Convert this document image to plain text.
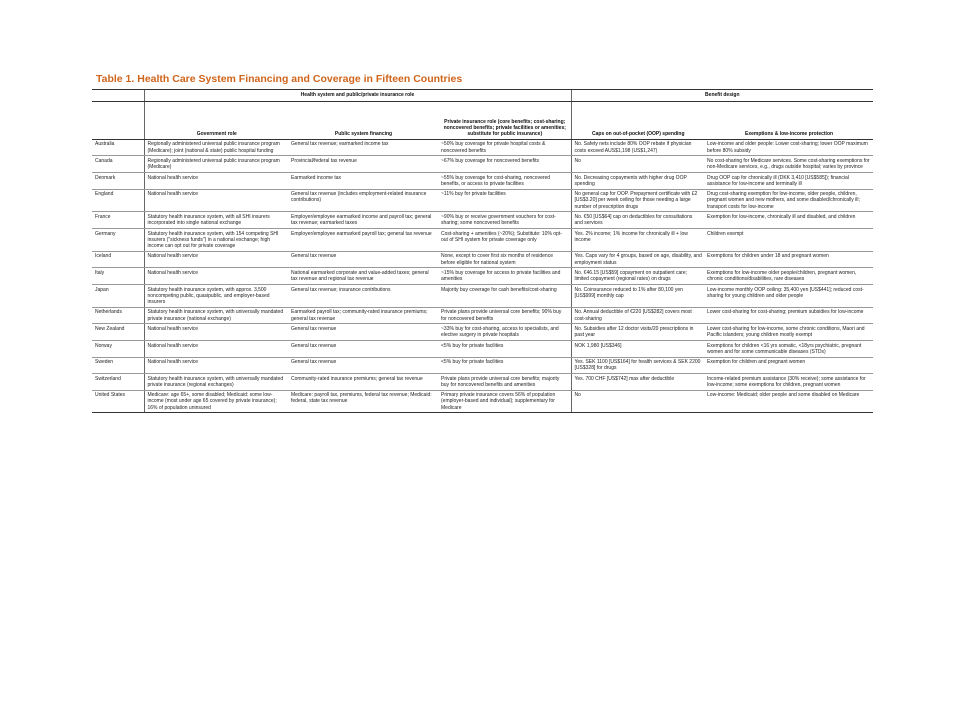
Table 1. Health Care System Financing and Coverage in Fifteen Countries
	Health system and public/private insurance role			Benefit design	
	Government role	Public system financing	Private insurance role (core benefits; cost-sharing; noncovered benefits; private facilities or amenities; substitute for public insurance)	Caps on out-of-pocket (OOP) spending	Exemptions & low-income protection
Australia	Regionally administered universal public insurance program (Medicare); joint (national & state) public hospital funding	General tax revenue; earmarked income tax	~50% buy coverage for private hospital costs & noncovered benefits	No. Safety nets include 80% OOP rebate if physician costs exceed AUS$1,198 (US$1,247)	Low-income and older people: Lower cost-sharing; lower OOP maximum before 80% subsidy
Canada	Regionally administered universal public insurance program (Medicare)	Provincial/federal tax revenue	~67% buy coverage for noncovered benefits	No	No cost-sharing for Medicare services. Some cost-sharing exemptions for non-Medicare services, e.g., drugs outside hospital; varies by province
Denmark	National health service	Earmarked income tax	~55% buy coverage for cost-sharing, noncovered benefits, or access to private facilities	No. Decreasing copayments with higher drug OOP spending	Drug OOP cap for chronically ill (DKK 3,410 [US$585]); financial assistance for low-income and terminally ill
England	National health service	General tax revenue (includes employment-related insurance contributions)	~11% buy for private facilities	No general cap for OOP. Prepayment certificate with £2 [US$3.20] per week ceiling for those needing a large number of prescription drugs	Drug cost-sharing exemption for low-income, older people, children, pregnant women and new mothers, and some disabled/chronically ill; transport costs for low-income
France	Statutory health insurance system, with all SHI insurers incorporated into single national exchange	Employer/employee earmarked income and payroll tax; general tax revenue; earmarked taxes	~90% buy or receive government vouchers for cost-sharing; some noncovered benefits	No. €50 [US$64] cap on deductibles for consultations and services	Exemption for low-income, chronically ill and disabled, and children
Germany	Statutory health insurance system, with 154 competing SHI insurers ("sickness funds") in a national exchange; high income can opt out for private coverage	Employer/employee earmarked payroll tax; general tax revenue	Cost-sharing + amenities (~20%); Substitute: 10% opt-out of SHI system for private coverage only	Yes. 2% income; 1% income for chronically ill + low income	Children exempt
Iceland	National health service	General tax revenue	None, except to cover first six months of residence before eligible for national system	Yes. Caps vary for 4 groups, based on age, disability, and employment status	Exemptions for children under 18 and pregnant women
Italy	National health service	National earmarked corporate and value-added taxes; general tax revenue and regional tax revenue	~15% buy coverage for access to private facilities and amenities	No. €46.15 [US$59] copayment on outpatient care; limited copayment (regional rates) on drugs	Exemptions for low-income older people/children, pregnant women, chronic conditions/disabilities, rare diseases
Japan	Statutory health insurance system, with approx. 3,500 noncompeting public, quasipublic, and employer-based insurers	General tax revenue; insurance contributions	Majority buy coverage for cash benefits/cost-sharing	No. Coinsurance reduced to 1% after 80,100 yen [US$999] monthly cap	Low-income monthly OOP ceiling: 35,400 yen [US$441]; reduced cost-sharing for young children and older people
Netherlands	Statutory health insurance system, with universally mandated private insurance (national exchange)	Earmarked payroll tax; community-rated insurance premiums; general tax revenue	Private plans provide universal core benefits; 90% buy for noncovered benefits	No. Annual deductible of €220 [US$282] covers most cost-sharing	Lower cost-sharing for cost-sharing; premium subsidies for low-income
New Zealand	National health service	General tax revenue	~33% buy for cost-sharing, access to specialists, and elective surgery in private hospitals	No. Subsidies after 12 doctor visits/20 prescriptions in past year	Lower cost-sharing for low-income, some chronic conditions, Maori and Pacific islanders; young children mostly exempt
Norway	National health service	General tax revenue	<5% buy for private facilities	NOK 1,980 [US$346]	Exemptions for children <16 yrs somatic, <18yrs psychiatric, pregnant women and for some communicable diseases (STDs)
Sweden	National health service	General tax revenue	<5% buy for private facilities	Yes. SEK 1100 [US$164] for health services & SEK 2200 [US$328] for drugs	Exemption for children and pregnant women
Switzerland	Statutory health insurance system, with universally mandated private insurance (regional exchanges)	Community-rated insurance premiums; general tax revenue	Private plans provide universal core benefits; majority buy for noncovered benefits and amenities	Yes. 700 CHF [US$742] max after deductible	Income-related premium assistance (30% receive); some assistance for low-income; some exemptions for children, pregnant women
United States	Medicare: age 65+, some disabled; Medicaid: some low-income (most under age 65 covered by private insurance); 16% of population uninsured	Medicare: payroll tax, premiums, federal tax revenue; Medicaid: federal, state tax revenue	Primary private insurance covers 56% of population (employer-based and individual); supplementary for Medicare	No	Low-income: Medicaid; older people and some disabled on Medicare
